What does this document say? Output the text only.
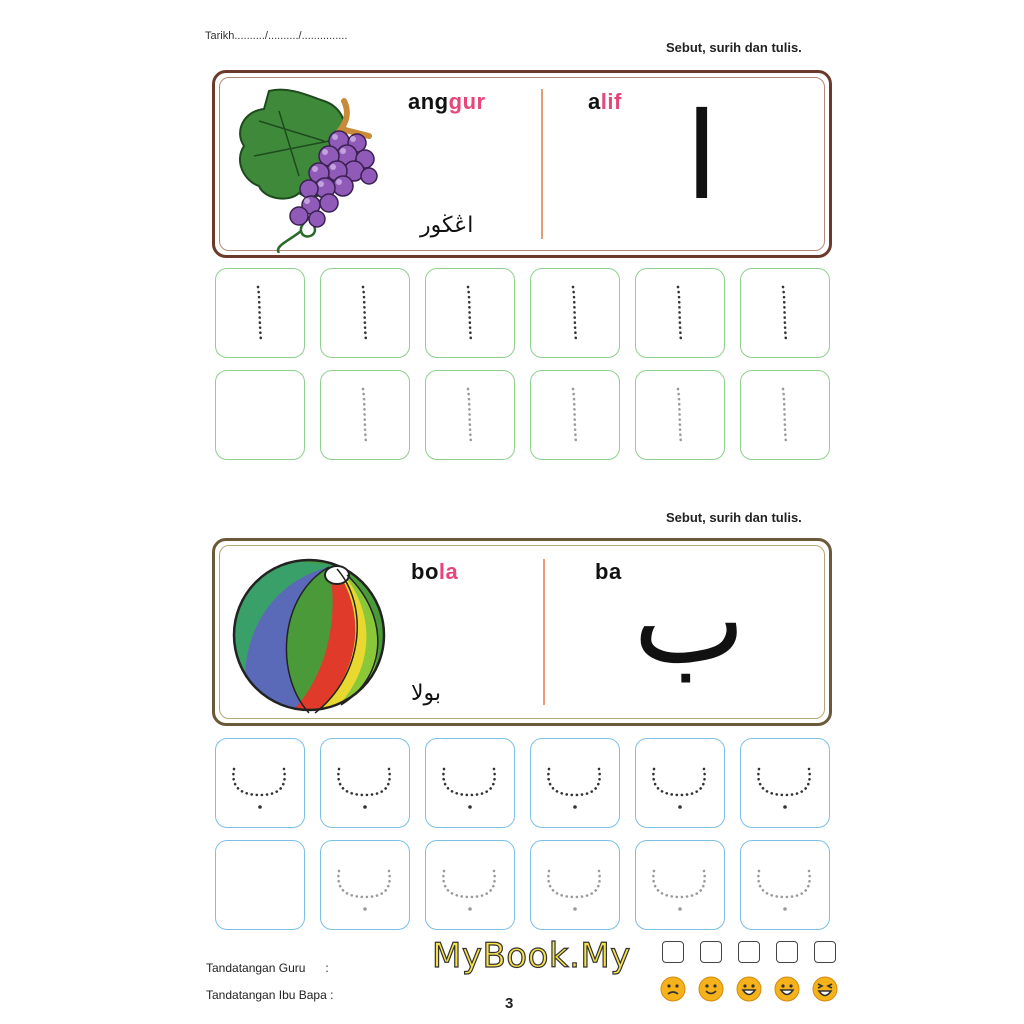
Tarikh........../........../...............
Sebut, surih dan tulis.
anggur
اڠڬور
alif ا
Sebut, surih dan tulis.
bola
بولا
ba ب
Tandatangan Guru      :
Tandatangan Ibu Bapa :
MyBook.My
3
